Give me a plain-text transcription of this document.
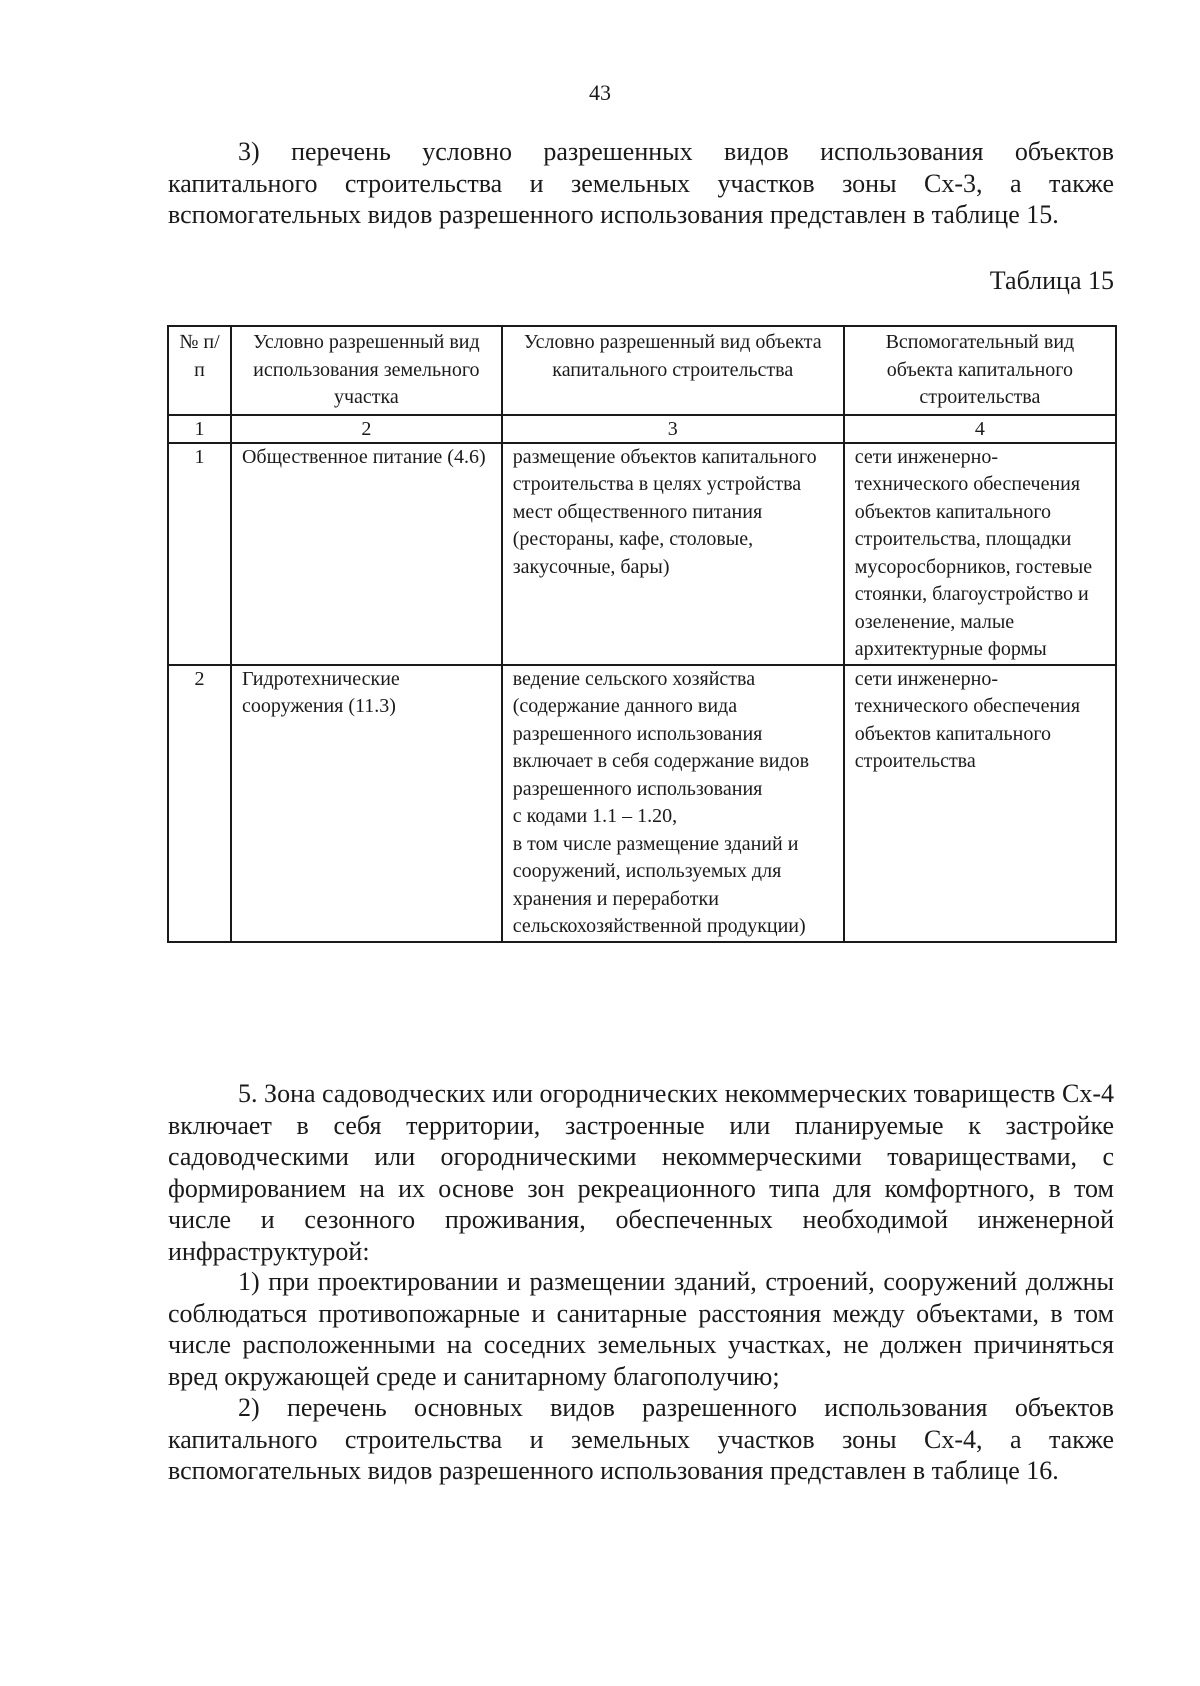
43

3) перечень условно разрешенных видов использования объектов капитального строительства и земельных участков зоны Сх-3, а также вспомогательных видов разрешенного использования представлен в таблице 15.

Таблица 15
№ п/п	Условно разрешенный вид использования земельного участка	Условно разрешенный вид объекта капитального строительства	Вспомогательный вид объекта капитального строительства
1	2	3	4
1	Общественное питание (4.6)	размещение объектов капитального строительства в целях устройства мест общественного питания (рестораны, кафе, столовые, закусочные, бары)	сети инженерно-технического обеспечения объектов капитального строительства, площадки мусоросборников, гостевые стоянки, благоустройство и озеленение, малые архитектурные формы
2	Гидротехнические сооружения (11.3)	ведение сельского хозяйства (содержание данного вида разрешенного использования включает в себя содержание видов разрешенного использования
с кодами 1.1 – 1.20,
в том числе размещение зданий и сооружений, используемых для хранения и переработки сельскохозяйственной продукции)	сети инженерно-технического обеспечения объектов капитального строительства

5. Зона садоводческих или огороднических некоммерческих товариществ Сх-4 включает в себя территории, застроенные или планируемые к застройке садоводческими или огородническими некоммерческими товариществами, с формированием на их основе зон рекреационного типа для комфортного, в том числе и сезонного проживания, обеспеченных необходимой инженерной инфраструктурой:

1) при проектировании и размещении зданий, строений, сооружений должны соблюдаться противопожарные и санитарные расстояния между объектами, в том числе расположенными на соседних земельных участках, не должен причиняться вред окружающей среде и санитарному благополучию;

2) перечень основных видов разрешенного использования объектов капитального строительства и земельных участков зоны Сх-4, а также вспомогательных видов разрешенного использования представлен в таблице 16.
